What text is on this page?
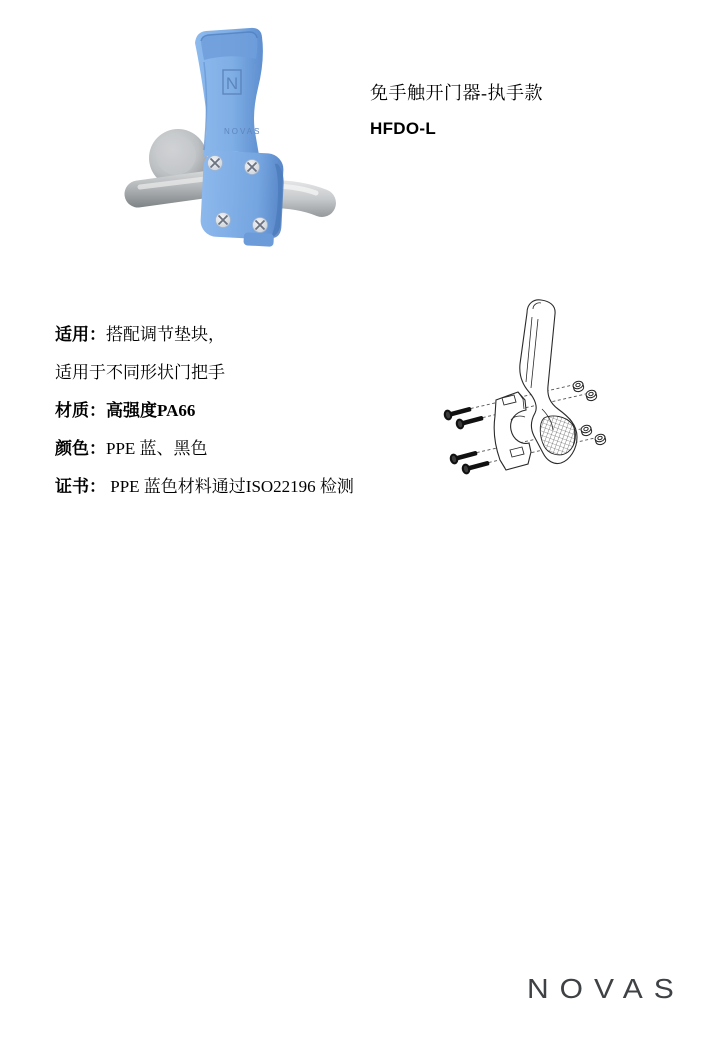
N
NOVAS
免手触开门器-执手款
HFDO-L

适用：搭配调节垫块，

适用于不同形状门把手

材质：高强度PA66

颜色：PPE 蓝、黑色

证书： PPE 蓝色材料通过ISO22196 检测

NOVAS
